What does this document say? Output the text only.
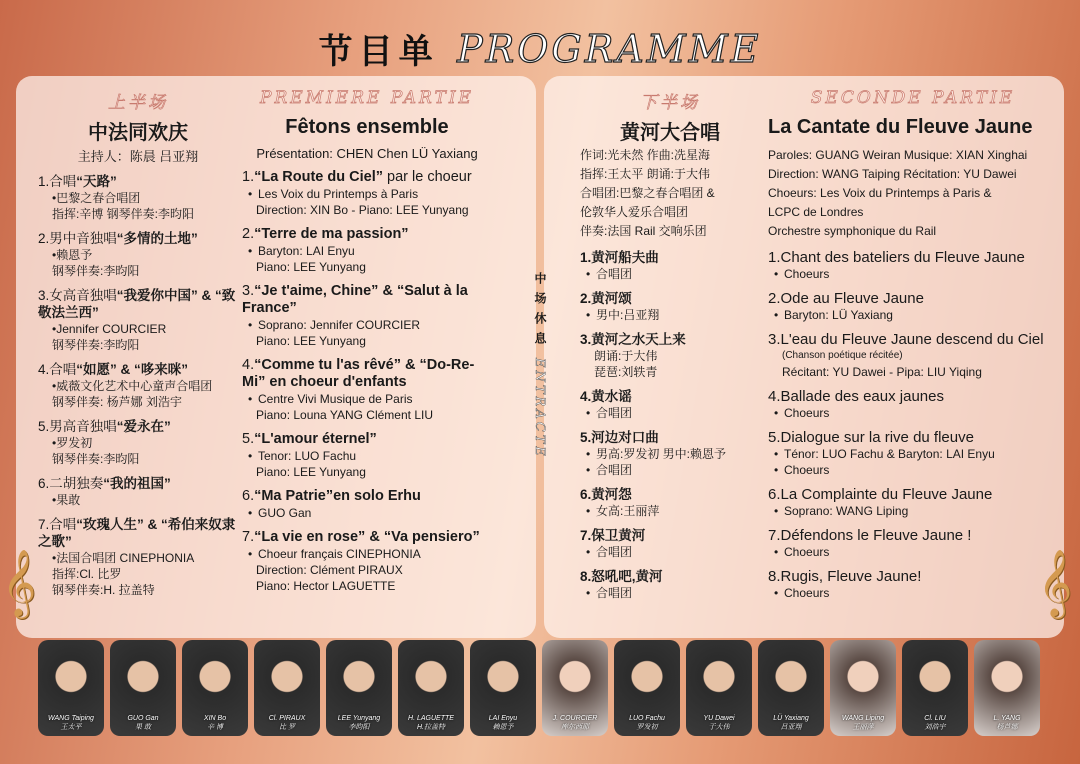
节目单 PROGRAMME
上半场
中法同欢庆
主持人：陈晨 吕亚翔
1.合唱“天路”
•巴黎之春合唱团
指挥:辛博 钢琴伴奏:李昀阳
2.男中音独唱“多情的土地”
•赖恩予
钢琴伴奏:李昀阳
3.女高音独唱“我爱你中国” & “致敬法兰西”
•Jennifer COURCIER
钢琴伴奏:李昀阳
4.合唱“如愿” & “哆来咪”
•威薇文化艺术中心童声合唱团
钢琴伴奏: 杨芦娜 刘浩宇
5.男高音独唱“爱永在”
•罗发初
钢琴伴奏:李昀阳
6.二胡独奏“我的祖国”
•果敢
7.合唱“玫瑰人生” & “希伯来奴隶之歌”
•法国合唱团 CINEPHONIA
指挥:Cl. 比罗
钢琴伴奏:H. 拉盖特
PREMIERE PARTIE
Fêtons ensemble
Présentation: CHEN Chen LÜ Yaxiang
1.“La Route du Ciel” par le choeur
• Les Voix du Printemps à Paris
Direction: XIN Bo - Piano: LEE Yunyang
2.“Terre de ma passion”
• Baryton: LAI Enyu
Piano: LEE Yunyang
3.“Je t'aime, Chine” & “Salut à la France”
• Soprano: Jennifer COURCIER
Piano: LEE Yunyang
4.“Comme tu l'as rêvé” & “Do-Re-Mi” en choeur d'enfants
• Centre Vivi Musique de Paris
Piano: Louna YANG Clément LIU
5.“L'amour éternel”
• Tenor: LUO Fachu
Piano: LEE Yunyang
6.“Ma Patrie”en solo Erhu
• GUO Gan
7.“La vie en rose” & “Va pensiero”
• Choeur français CINEPHONIA
Direction: Clément PIRAUX
Piano: Hector LAGUETTE
中场休息
ENTRACTE
下半场
黄河大合唱
作词:光未然 作曲:冼星海
指挥:王太平 朗诵:于大伟
合唱团:巴黎之春合唱团 &
伦敦华人爱乐合唱团
伴奏:法国 Rail 交响乐团
1.黄河船夫曲
• 合唱团
2.黄河颂
• 男中:吕亚翔
3.黄河之水天上来
朗诵:于大伟
琵琶:刘轶青
4.黄水谣
• 合唱团
5.河边对口曲
• 男高:罗发初 男中:赖恩予
• 合唱团
6.黄河怨
• 女高:王丽萍
7.保卫黄河
• 合唱团
8.怒吼吧,黄河
• 合唱团
SECONDE PARTIE
La Cantate du Fleuve Jaune
Paroles: GUANG Weiran Musique: XIAN Xinghai
Direction: WANG Taiping Récitation: YU Dawei
Choeurs: Les Voix du Printemps à Paris &
LCPC de Londres
Orchestre symphonique du Rail
1.Chant des bateliers du Fleuve Jaune
• Choeurs
2.Ode au Fleuve Jaune
• Baryton: LÜ Yaxiang
3.L'eau du Fleuve Jaune descend du Ciel
(Chanson poétique récitée)
Récitant: YU Dawei - Pipa: LIU Yiqing
4.Ballade des eaux jaunes
• Choeurs
5.Dialogue sur la rive du fleuve
• Ténor: LUO Fachu & Baryton: LAI Enyu
• Choeurs
6.La Complainte du Fleuve Jaune
• Soprano: WANG Liping
7.Défendons le Fleuve Jaune !
• Choeurs
8.Rugis, Fleuve Jaune!
• Choeurs
𝄞	𝄞
WANG Taiping
王太平
GUO Gan
果 敢
XIN Bo
辛 博
Cl. PIRAUX
比 罗
LEE Yunyang
李昀阳
H. LAGUETTE
H.拉盖特
LAI Enyu
赖恩予
J. COURCIER
库尔西耶
LUO Fachu
罗发初
YU Dawei
于大伟
LÜ Yaxiang
吕亚翔
WANG Liping
王丽萍
Cl. LIU
刘浩宇
L. YANG
杨芦娜
